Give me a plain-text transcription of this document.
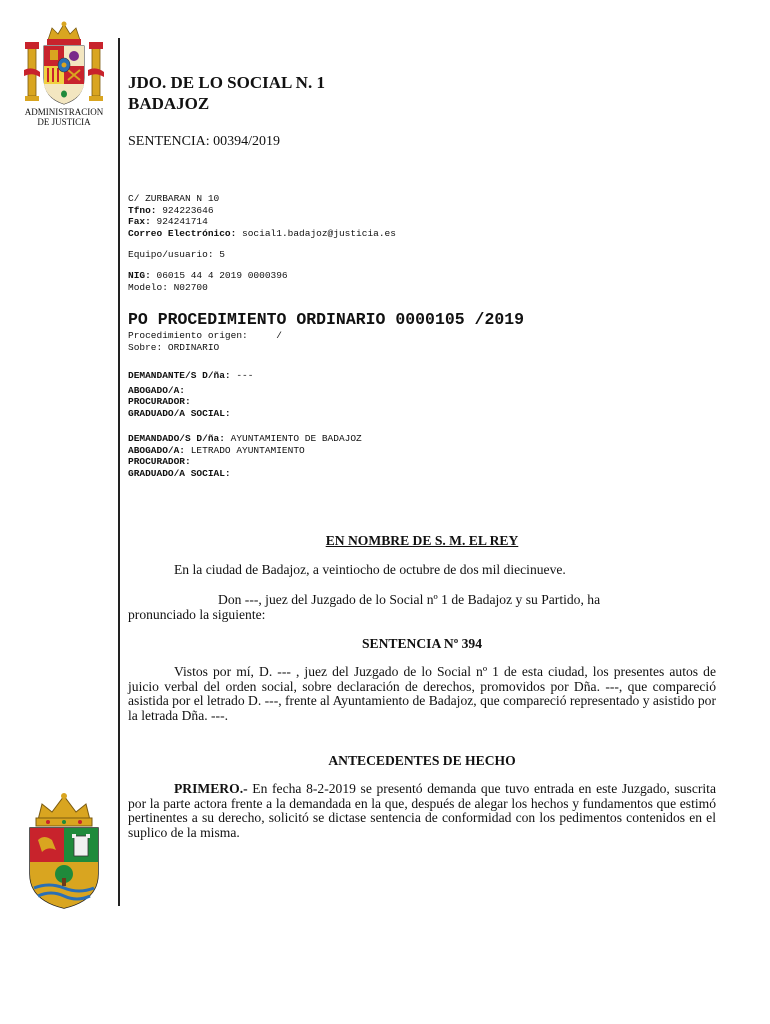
ADMINISTRACION
DE JUSTICIA
JDO. DE LO SOCIAL N. 1
BADAJOZ
SENTENCIA: 00394/2019
C/ ZURBARAN N 10
Tfno: 924223646
Fax: 924241714
Correo Electrónico: social1.badajoz@justicia.es
Equipo/usuario: 5
NIG: 06015 44 4 2019 0000396
Modelo: N02700
PO PROCEDIMIENTO ORDINARIO 0000105 /2019
Procedimiento origen:     /
Sobre: ORDINARIO
DEMANDANTE/S D/ña: ---
ABOGADO/A:
PROCURADOR:
GRADUADO/A SOCIAL:
DEMANDADO/S D/ña: AYUNTAMIENTO DE BADAJOZ
ABOGADO/A: LETRADO AYUNTAMIENTO
PROCURADOR:
GRADUADO/A SOCIAL:
EN NOMBRE DE S. M. EL REY
En la ciudad de Badajoz, a veintiocho de octubre de dos mil diecinueve.
Don ---, juez del Juzgado de lo Social nº 1 de Badajoz y su Partido, ha
pronunciado la siguiente:
SENTENCIA Nº 394
Vistos por mí, D. --- , juez del Juzgado de lo Social nº 1 de esta ciudad, los presentes autos de juicio verbal del orden social, sobre declaración de derechos, promovidos por Dña. ---, que compareció asistida por el letrado D. ---, frente al Ayuntamiento de Badajoz, que compareció representado y asistido por la letrada Dña. ---.
ANTECEDENTES DE HECHO
PRIMERO.- En fecha 8-2-2019 se presentó demanda que tuvo entrada en este Juzgado, suscrita por la parte actora frente a la demandada en la que, después de alegar los hechos y fundamentos que estimó pertinentes a su derecho, solicitó se dictase sentencia de conformidad con los pedimentos contenidos en el suplico de la misma.
